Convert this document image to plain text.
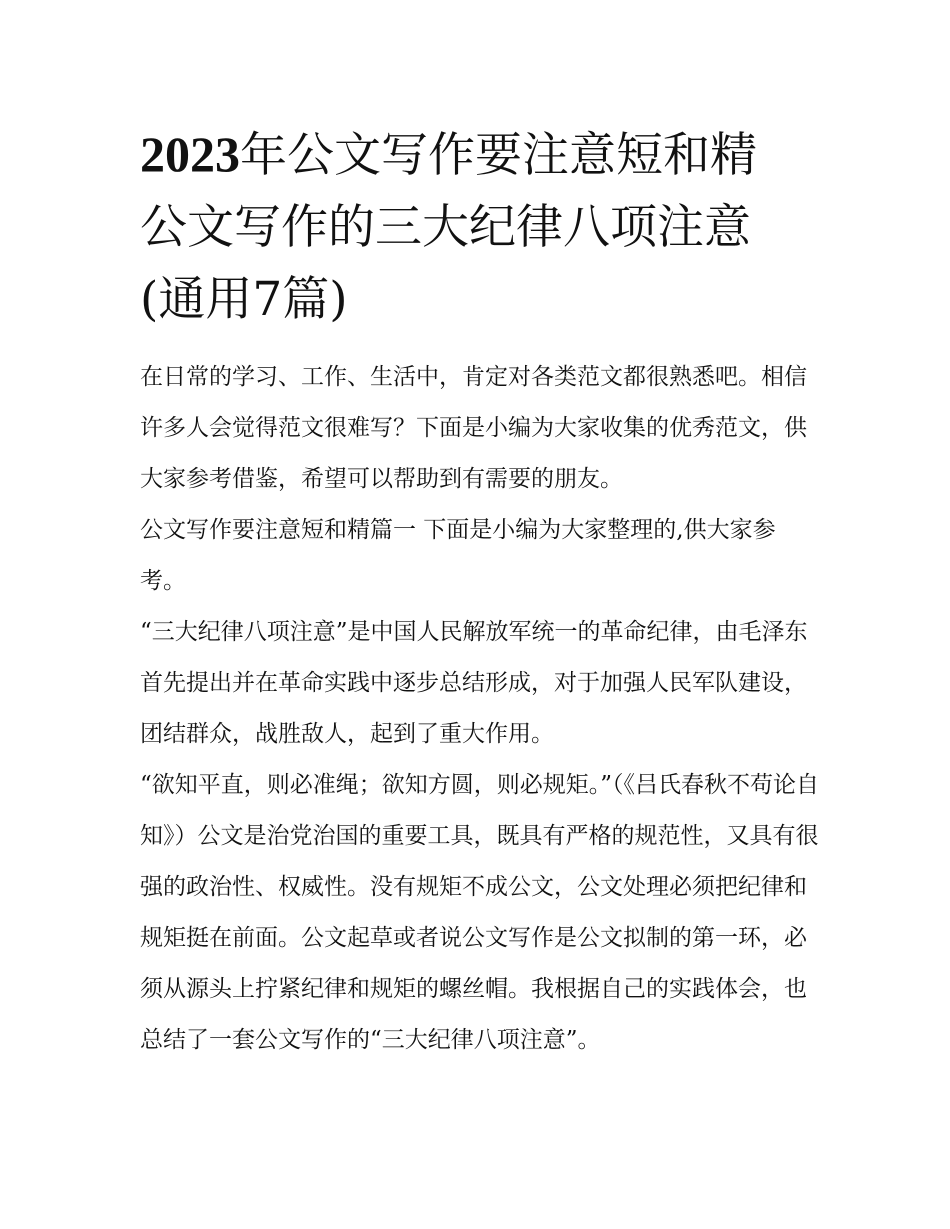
2023年公文写作要注意短和精
公文写作的三大纪律八项注意
(通用7篇)

在日常的学习、工作、生活中，肯定对各类范文都很熟悉吧。相信许多人会觉得范文很难写？下面是小编为大家收集的优秀范文，供大家参考借鉴，希望可以帮助到有需要的朋友。

公文写作要注意短和精篇一 下面是小编为大家整理的,供大家参考。

“三大纪律八项注意”是中国人民解放军统一的革命纪律，由毛泽东首先提出并在革命实践中逐步总结形成，对于加强人民军队建设，团结群众，战胜敌人，起到了重大作用。

“欲知平直，则必准绳；欲知方圆，则必规矩。”（《吕氏春秋不苟论自知》）公文是治党治国的重要工具，既具有严格的规范性，又具有很强的政治性、权威性。没有规矩不成公文，公文处理必须把纪律和规矩挺在前面。公文起草或者说公文写作是公文拟制的第一环，必须从源头上拧紧纪律和规矩的螺丝帽。我根据自己的实践体会，也总结了一套公文写作的“三大纪律八项注意”。
